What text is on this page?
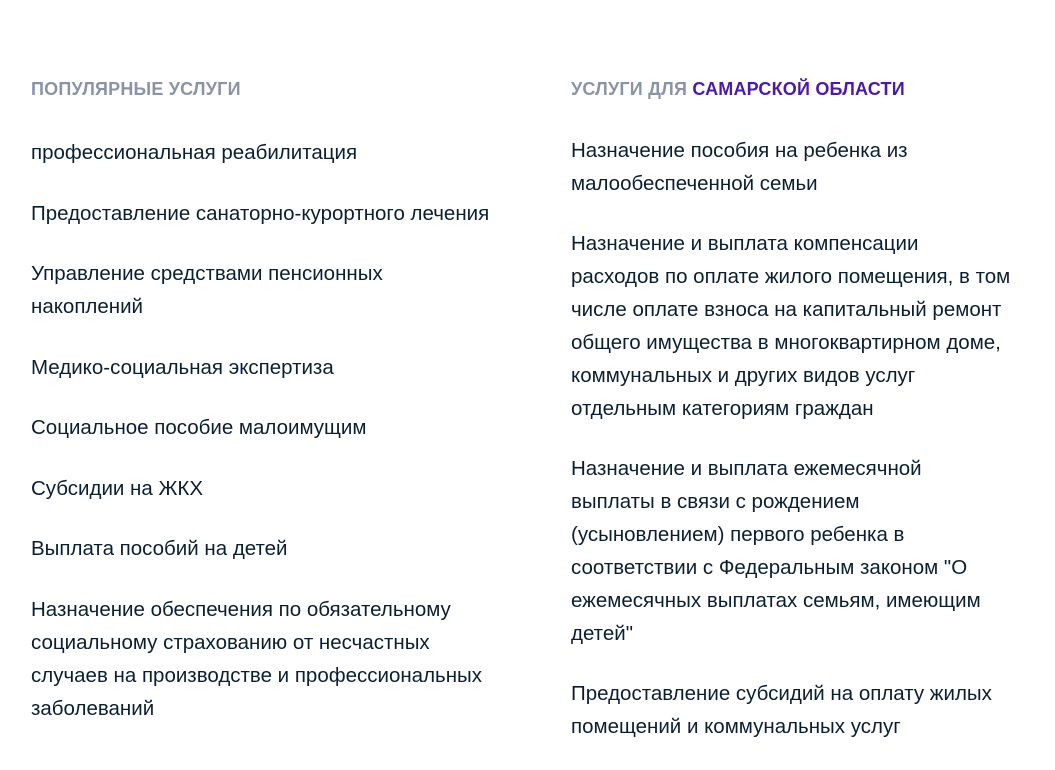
ПОПУЛЯРНЫЕ УСЛУГИ
профессиональная реабилитация
Предоставление санаторно-курортного лечения
Управление средствами пенсионных накоплений
Медико-социальная экспертиза
Социальное пособие малоимущим
Субсидии на ЖКХ
Выплата пособий на детей
Назначение обеспечения по обязательному социальному страхованию от несчастных случаев на производстве и профессиональных заболеваний
УСЛУГИ ДЛЯ САМАРСКОЙ ОБЛАСТИ
Назначение пособия на ребенка из малообеспеченной семьи
Назначение и выплата компенсации расходов по оплате жилого помещения, в том числе оплате взноса на капитальный ремонт общего имущества в многоквартирном доме, коммунальных и других видов услуг отдельным категориям граждан
Назначение и выплата ежемесячной выплаты в связи с рождением (усыновлением) первого ребенка в соответствии с Федеральным законом "О ежемесячных выплатах семьям, имеющим детей"
Предоставление субсидий на оплату жилых помещений и коммунальных услуг
